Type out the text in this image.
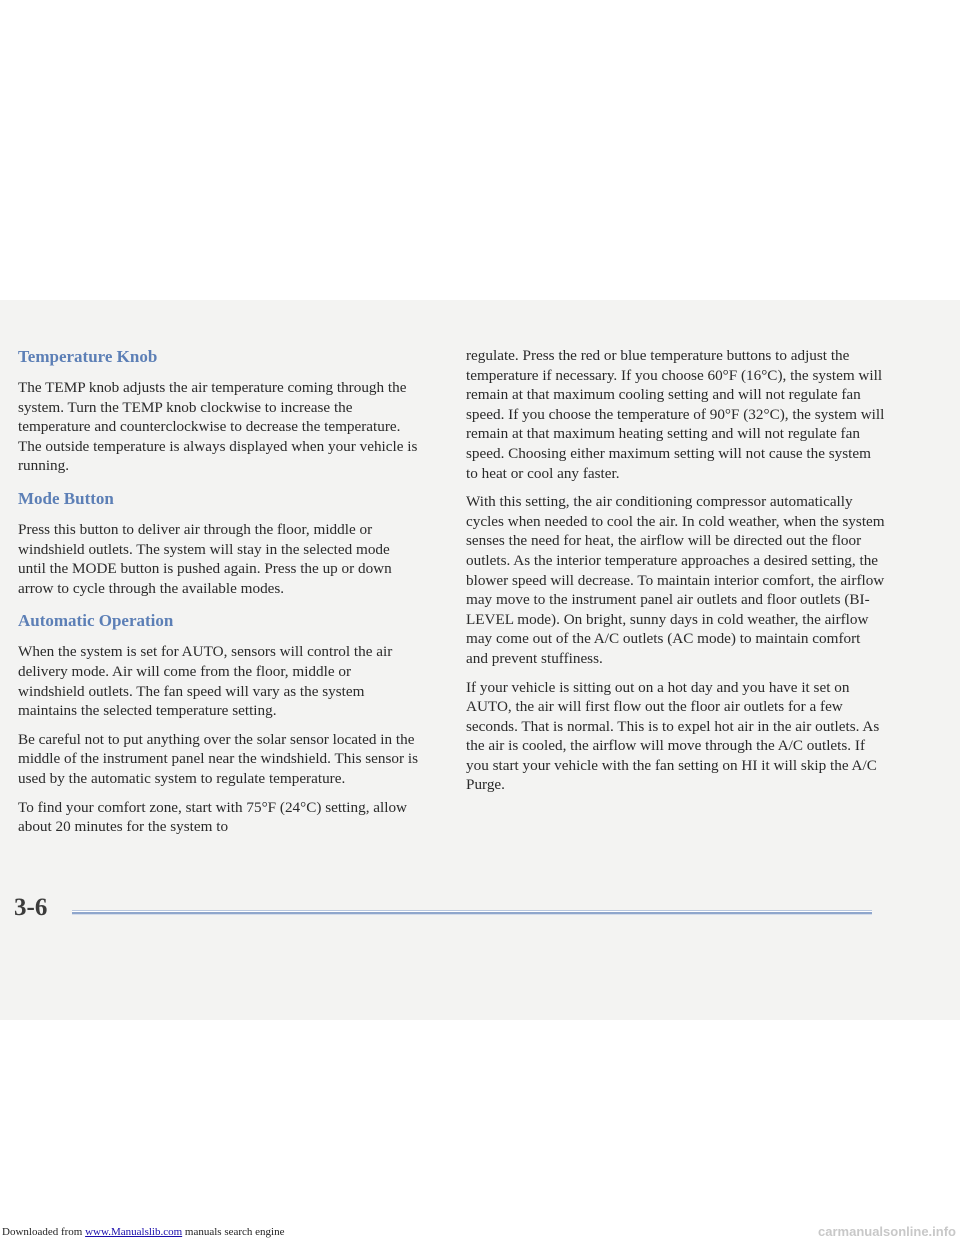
Temperature Knob

The TEMP knob adjusts the air temperature coming through the system. Turn the TEMP knob clockwise to increase the temperature and counterclockwise to decrease the temperature. The outside temperature is always displayed when your vehicle is running.

Mode Button

Press this button to deliver air through the floor, middle or windshield outlets. The system will stay in the selected mode until the MODE button is pushed again. Press the up or down arrow to cycle through the available modes.

Automatic Operation

When the system is set for AUTO, sensors will control the air delivery mode. Air will come from the floor, middle or windshield outlets. The fan speed will vary as the system maintains the selected temperature setting.

Be careful not to put anything over the solar sensor located in the middle of the instrument panel near the windshield. This sensor is used by the automatic system to regulate temperature.

To find your comfort zone, start with 75°F (24°C) setting, allow about 20 minutes for the system to

regulate. Press the red or blue temperature buttons to adjust the temperature if necessary. If you choose 60°F (16°C), the system will remain at that maximum cooling setting and will not regulate fan speed. If you choose the temperature of 90°F (32°C), the system will remain at that maximum heating setting and will not regulate fan speed. Choosing either maximum setting will not cause the system to heat or cool any faster.

With this setting, the air conditioning compressor automatically cycles when needed to cool the air. In cold weather, when the system senses the need for heat, the airflow will be directed out the floor outlets. As the interior temperature approaches a desired setting, the blower speed will decrease. To maintain interior comfort, the airflow may move to the instrument panel air outlets and floor outlets (BI-LEVEL mode). On bright, sunny days in cold weather, the airflow may come out of the A/C outlets (AC mode) to maintain comfort and prevent stuffiness.

If your vehicle is sitting out on a hot day and you have it set on AUTO, the air will first flow out the floor air outlets for a few seconds. That is normal. This is to expel hot air in the air outlets. As the air is cooled, the airflow will move through the A/C outlets. If you start your vehicle with the fan setting on HI it will skip the A/C Purge.

3-6
Downloaded from www.Manualslib.com manuals search engine	carmanualsonline.info
